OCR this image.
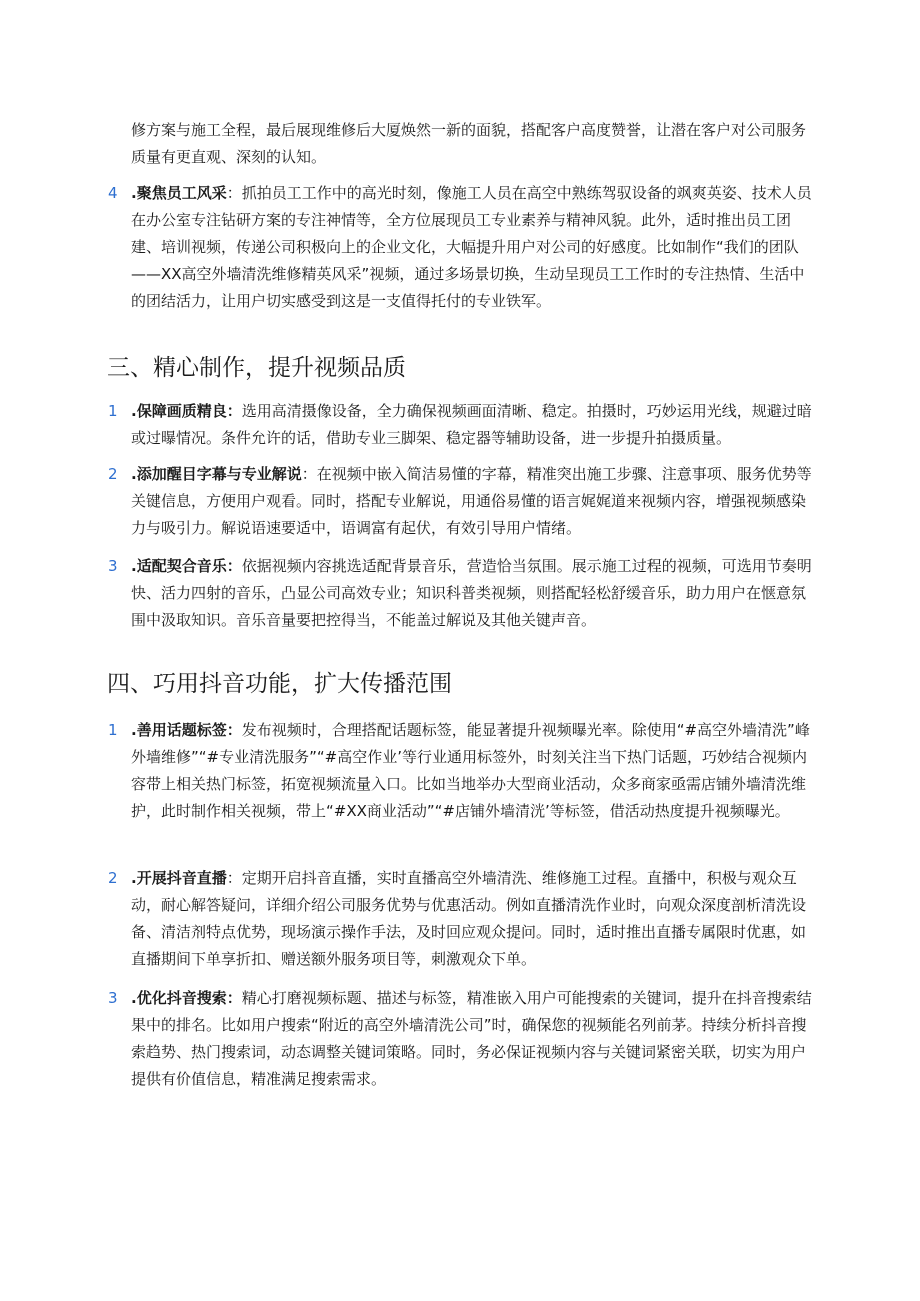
修方案与施工全程，最后展现维修后大厦焕然一新的面貌，搭配客户高度赞誉，让潜在客户对公司服务质量有更直观、深刻的认知。

4 .聚焦员工风采：抓拍员工工作中的高光时刻，像施工人员在高空中熟练驾驭设备的飒爽英姿、技术人员在办公室专注钻研方案的专注神情等，全方位展现员工专业素养与精神风貌。此外，适时推出员工团建、培训视频，传递公司积极向上的企业文化，大幅提升用户对公司的好感度。比如制作“我们的团队——XX高空外墙清洗维修精英风采”视频，通过多场景切换，生动呈现员工工作时的专注热情、生活中的团结活力，让用户切实感受到这是一支值得托付的专业铁军。
三、精心制作，提升视频品质
1 .保障画质精良：选用高清摄像设备，全力确保视频画面清晰、稳定。拍摄时，巧妙运用光线，规避过暗或过曝情况。条件允许的话，借助专业三脚架、稳定器等辅助设备，进一步提升拍摄质量。
2 .添加醒目字幕与专业解说：在视频中嵌入简洁易懂的字幕，精准突出施工步骤、注意事项、服务优势等关键信息，方便用户观看。同时，搭配专业解说，用通俗易懂的语言娓娓道来视频内容，增强视频感染力与吸引力。解说语速要适中，语调富有起伏，有效引导用户情绪。
3 .适配契合音乐：依据视频内容挑选适配背景音乐，营造恰当氛围。展示施工过程的视频，可选用节奏明快、活力四射的音乐，凸显公司高效专业；知识科普类视频，则搭配轻松舒缓音乐，助力用户在惬意氛围中汲取知识。音乐音量要把控得当，不能盖过解说及其他关键声音。
四、巧用抖音功能，扩大传播范围
1 .善用话题标签：发布视频时，合理搭配话题标签，能显著提升视频曝光率。除使用“#高空外墙清洗”峰外墙维修”“#专业清洗服务”“#高空作业’等行业通用标签外，时刻关注当下热门话题，巧妙结合视频内容带上相关热门标签，拓宽视频流量入口。比如当地举办大型商业活动，众多商家亟需店铺外墙清洗维护，此时制作相关视频，带上“#XX商业活动”“#店铺外墙清洸’等标签，借活动热度提升视频曝光。
2 .开展抖音直播：定期开启抖音直播，实时直播高空外墙清洗、维修施工过程。直播中，积极与观众互动，耐心解答疑问，详细介绍公司服务优势与优惠活动。例如直播清洗作业时，向观众深度剖析清洗设备、清洁剂特点优势，现场演示操作手法，及时回应观众提问。同时，适时推出直播专属限时优惠，如直播期间下单享折扣、赠送额外服务项目等，刺激观众下单。
3 .优化抖音搜索：精心打磨视频标题、描述与标签，精准嵌入用户可能搜索的关键词，提升在抖音搜索结果中的排名。比如用户搜索“附近的高空外墙清洗公司”时，确保您的视频能名列前茅。持续分析抖音搜索趋势、热门搜索词，动态调整关键词策略。同时，务必保证视频内容与关键词紧密关联，切实为用户提供有价值信息，精准满足搜索需求。
